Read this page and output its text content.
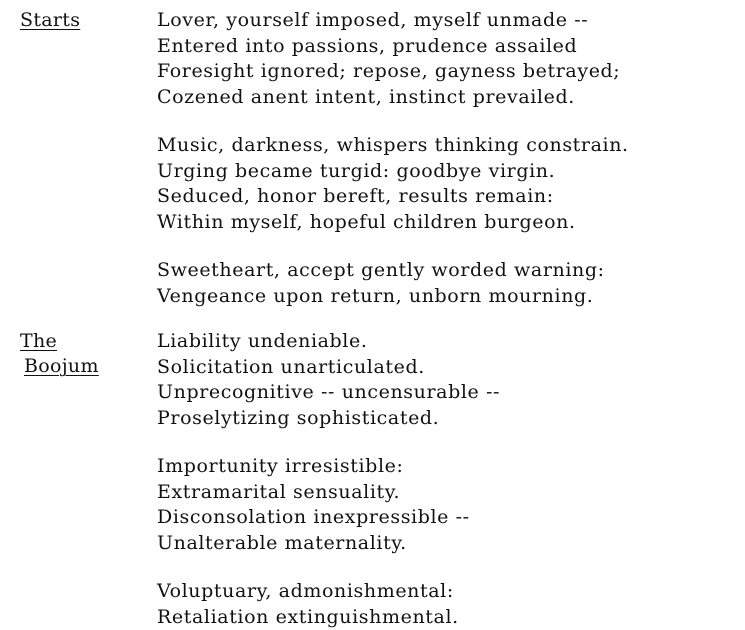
Starts	Lover, yourself imposed, myself unmade --
Entered into passions, prudence assailed
Foresight ignored; repose, gayness betrayed;
Cozened anent intent, instinct prevailed.
Music, darkness, whispers thinking constrain.
Urging became turgid: goodbye virgin.
Seduced, honor bereft, results remain:
Within myself, hopeful children burgeon.
Sweetheart, accept gently worded warning:
Vengeance upon return, unborn mourning.
The
Boojum
Liability undeniable.
Solicitation unarticulated.
Unprecognitive -- uncensurable --
Proselytizing sophisticated.
Importunity irresistible:
Extramarital sensuality.
Disconsolation inexpressible --
Unalterable maternality.
Voluptuary, admonishmental:
Retaliation extinguishmental.
